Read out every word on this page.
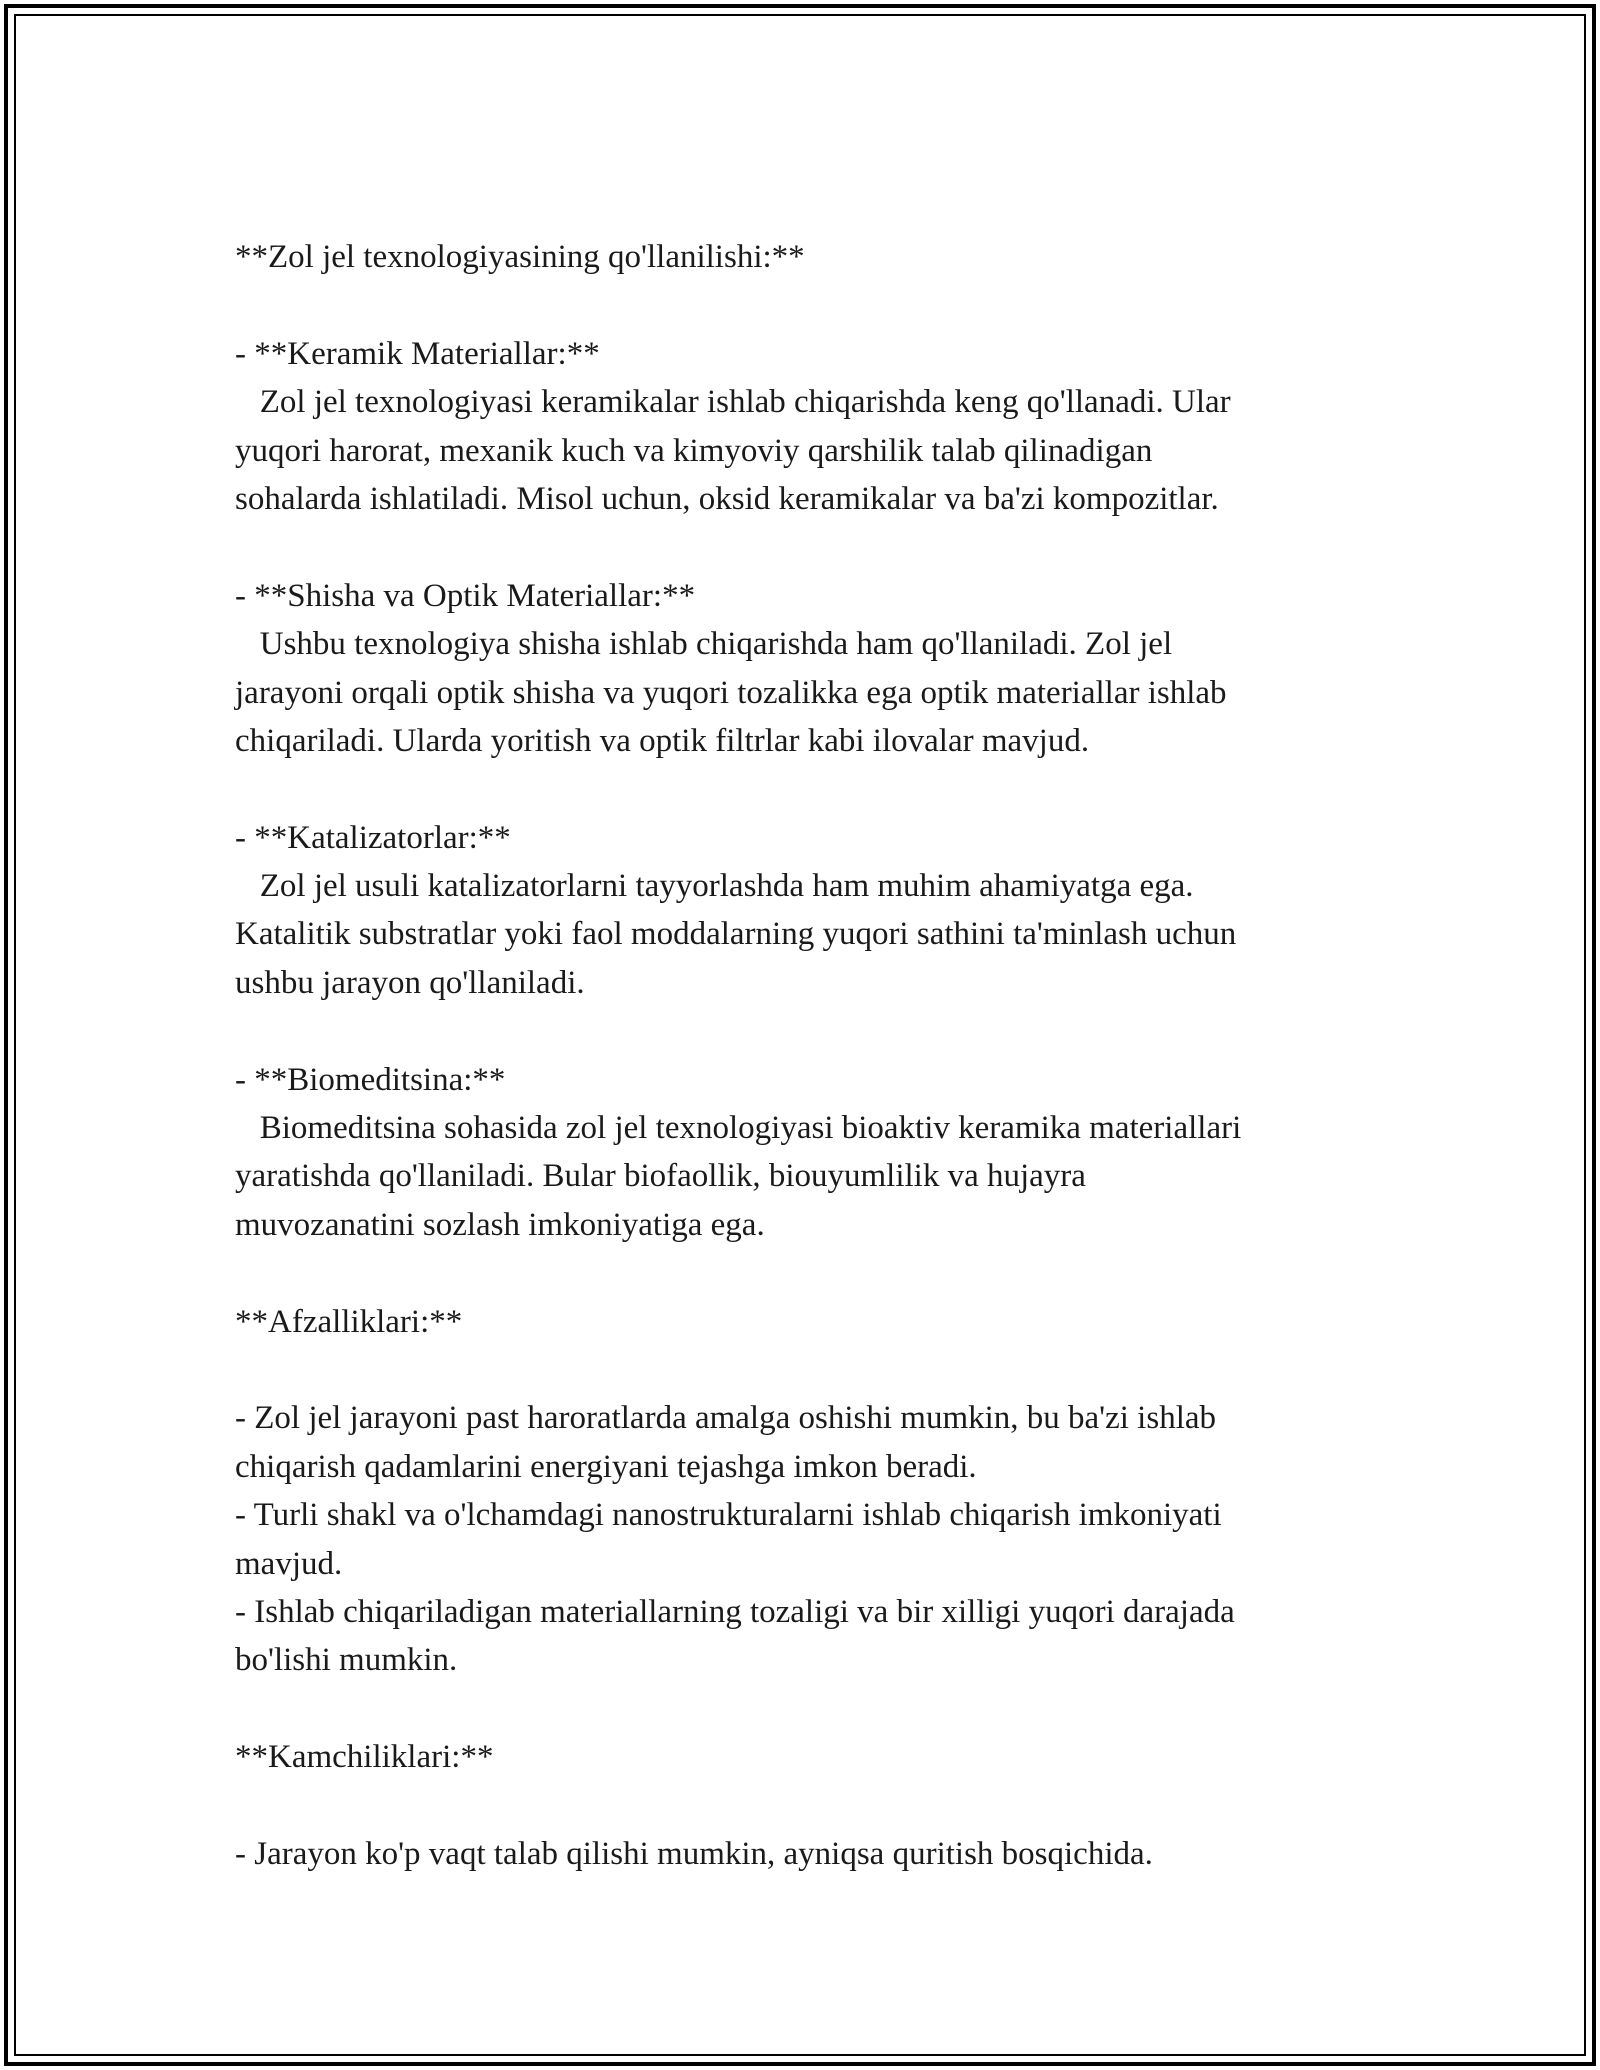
**Zol jel texnologiyasining qo'llanilishi:**
- **Keramik Materiallar:**
Zol jel texnologiyasi keramikalar ishlab chiqarishda keng qo'llanadi. Ular
yuqori harorat, mexanik kuch va kimyoviy qarshilik talab qilinadigan
sohalarda ishlatiladi. Misol uchun, oksid keramikalar va ba'zi kompozitlar.
- **Shisha va Optik Materiallar:**
Ushbu texnologiya shisha ishlab chiqarishda ham qo'llaniladi. Zol jel
jarayoni orqali optik shisha va yuqori tozalikka ega optik materiallar ishlab
chiqariladi. Ularda yoritish va optik filtrlar kabi ilovalar mavjud.
- **Katalizatorlar:**
Zol jel usuli katalizatorlarni tayyorlashda ham muhim ahamiyatga ega.
Katalitik substratlar yoki faol moddalarning yuqori sathini ta'minlash uchun
ushbu jarayon qo'llaniladi.
- **Biomeditsina:**
Biomeditsina sohasida zol jel texnologiyasi bioaktiv keramika materiallari
yaratishda qo'llaniladi. Bular biofaollik, biouyumlilik va hujayra
muvozanatini sozlash imkoniyatiga ega.
**Afzalliklari:**
- Zol jel jarayoni past haroratlarda amalga oshishi mumkin, bu ba'zi ishlab
chiqarish qadamlarini energiyani tejashga imkon beradi.
- Turli shakl va o'lchamdagi nanostrukturalarni ishlab chiqarish imkoniyati
mavjud.
- Ishlab chiqariladigan materiallarning tozaligi va bir xilligi yuqori darajada
bo'lishi mumkin.
**Kamchiliklari:**
- Jarayon ko'p vaqt talab qilishi mumkin, ayniqsa quritish bosqichida.
